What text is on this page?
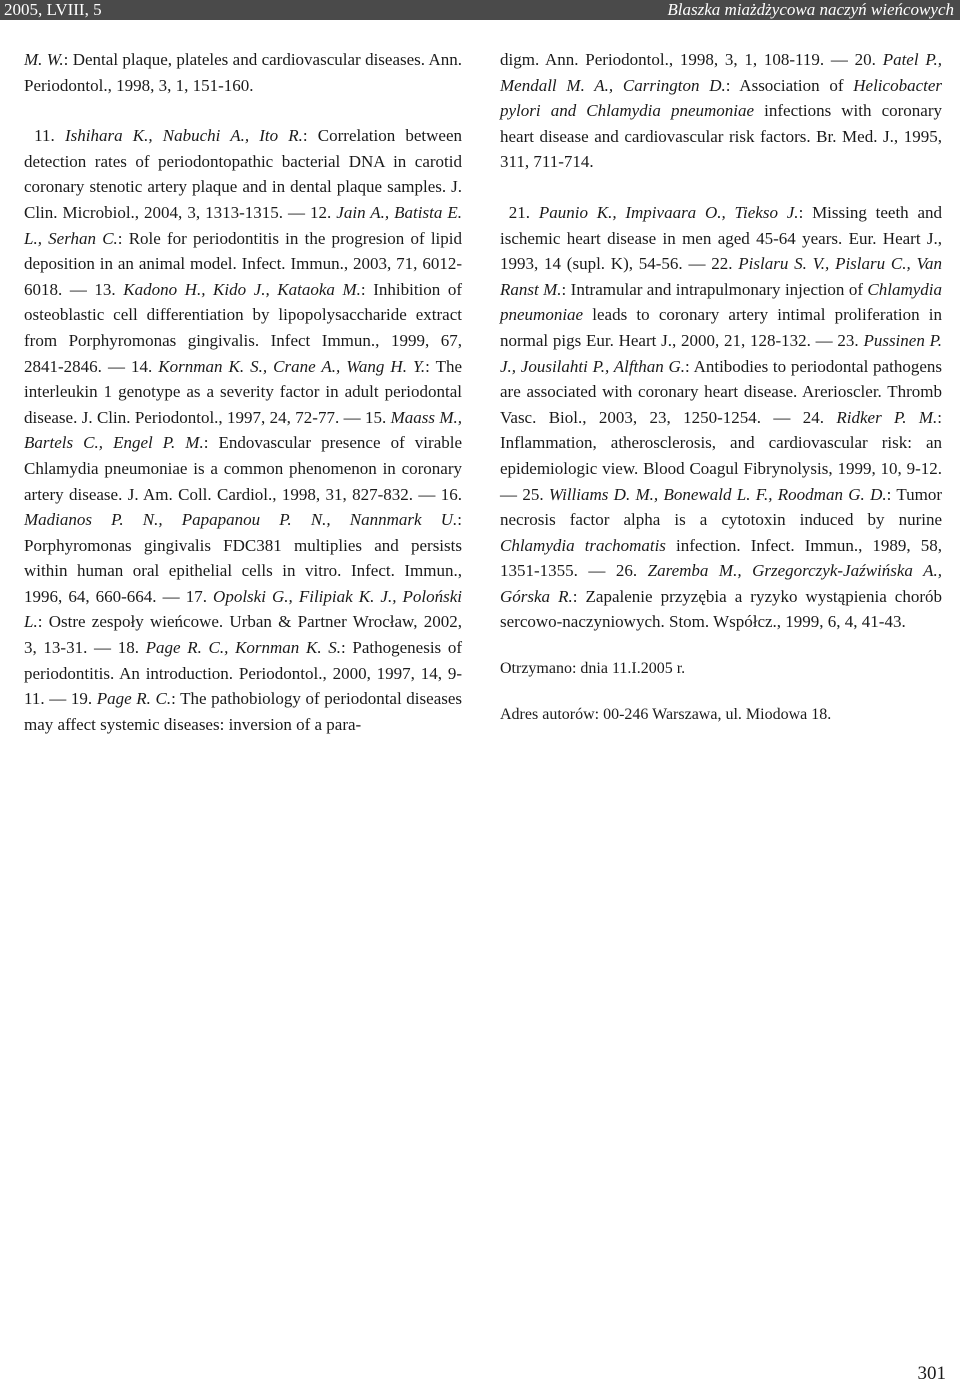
2005, LVIII, 5	Blaszka miażdżycowa naczyń wieńcowych

M. W.: Dental plaque, plateles and cardiovascular diseases. Ann. Periodontol., 1998, 3, 1, 151-160.

11. Ishihara K., Nabuchi A., Ito R.: Correlation between detection rates of periodontopathic bacterial DNA in carotid coronary stenotic artery plaque and in dental plaque samples. J. Clin. Microbiol., 2004, 3, 1313-1315. — 12. Jain A., Batista E. L., Serhan C.: Role for periodontitis in the progresion of lipid deposition in an animal model. Infect. Immun., 2003, 71, 6012-6018. — 13. Kadono H., Kido J., Kataoka M.: Inhibition of osteoblastic cell differentiation by lipopolysaccharide extract from Porphyromonas gingivalis. Infect Immun., 1999, 67, 2841-2846. — 14. Kornman K. S., Crane A., Wang H. Y.: The interleukin 1 genotype as a severity factor in adult periodontal disease. J. Clin. Periodontol., 1997, 24, 72-77. — 15. Maass M., Bartels C., Engel P. M.: Endovascular presence of virable Chlamydia pneumoniae is a common phenomenon in coronary artery disease. J. Am. Coll. Cardiol., 1998, 31, 827-832. — 16. Madianos P. N., Papapanou P. N., Nannmark U.: Porphyromonas gingivalis FDC381 multiplies and persists within human oral epithelial cells in vitro. Infect. Immun., 1996, 64, 660-664. — 17. Opolski G., Filipiak K. J., Poloński L.: Ostre zespoły wieńcowe. Urban & Partner Wrocław, 2002, 3, 13-31. — 18. Page R. C., Kornman K. S.: Pathogenesis of periodontitis. An introduction. Periodontol., 2000, 1997, 14, 9-11. — 19. Page R. C.: The pathobiology of periodontal diseases may affect systemic diseases: inversion of a para-

digm. Ann. Periodontol., 1998, 3, 1, 108-119. — 20. Patel P., Mendall M. A., Carrington D.: Association of Helicobacter pylori and Chlamydia pneumoniae infections with coronary heart disease and cardiovascular risk factors. Br. Med. J., 1995, 311, 711-714.

21. Paunio K., Impivaara O., Tiekso J.: Missing teeth and ischemic heart disease in men aged 45-64 years. Eur. Heart J., 1993, 14 (supl. K), 54-56. — 22. Pislaru S. V., Pislaru C., Van Ranst M.: Intramular and intrapulmonary injection of Chlamydia pneumoniae leads to coronary artery intimal proliferation in normal pigs Eur. Heart J., 2000, 21, 128-132. — 23. Pussinen P. J., Jousilahti P., Alfthan G.: Antibodies to periodontal pathogens are associated with coronary heart disease. Arerioscler. Thromb Vasc. Biol., 2003, 23, 1250-1254. — 24. Ridker P. M.: Inflammation, atherosclerosis, and cardiovascular risk: an epidemiologic view. Blood Coagul Fibrynolysis, 1999, 10, 9-12. — 25. Williams D. M., Bonewald L. F., Roodman G. D.: Tumor necrosis factor alpha is a cytotoxin induced by nurine Chlamydia trachomatis infection. Infect. Immun., 1989, 58, 1351-1355. — 26. Zaremba M., Grzegorczyk-Jaźwińska A., Górska R.: Zapalenie przyzębia a ryzyko wystąpienia chorób sercowo-naczyniowych. Stom. Współcz., 1999, 6, 4, 41-43.

Otrzymano: dnia 11.I.2005 r.

Adres autorów: 00-246 Warszawa, ul. Miodowa 18.

301
